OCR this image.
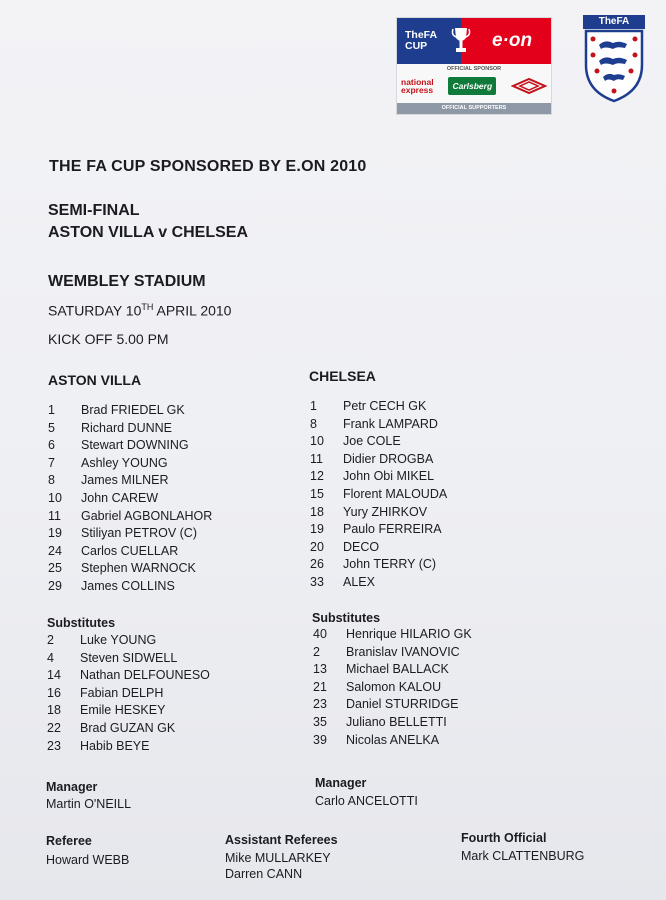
TheFA
CUP	e·on
OFFICIAL SPONSOR
national
express	Carlsberg
OFFICIAL SUPPORTERS
TheFA
THE FA CUP SPONSORED BY E.ON 2010
SEMI-FINAL
ASTON VILLA v CHELSEA
WEMBLEY STADIUM
SATURDAY 10TH APRIL 2010
KICK OFF 5.00 PM
ASTON VILLA
1 Brad FRIEDEL GK
5 Richard DUNNE
6 Stewart DOWNING
7 Ashley YOUNG
8 James MILNER
10 John CAREW
11 Gabriel AGBONLAHOR
19 Stiliyan PETROV (C)
24 Carlos CUELLAR
25 Stephen WARNOCK
29 James COLLINS
Substitutes
2 Luke YOUNG
4 Steven SIDWELL
14 Nathan DELFOUNESO
16 Fabian DELPH
18 Emile HESKEY
22 Brad GUZAN GK
23 Habib BEYE
Manager
Martin O'NEILL
CHELSEA
1 Petr CECH GK
8 Frank LAMPARD
10 Joe COLE
11 Didier DROGBA
12 John Obi MIKEL
15 Florent MALOUDA
18 Yury ZHIRKOV
19 Paulo FERREIRA
20 DECO
26 John TERRY (C)
33 ALEX
Substitutes
40 Henrique HILARIO GK
2 Branislav IVANOVIC
13 Michael BALLACK
21 Salomon KALOU
23 Daniel STURRIDGE
35 Juliano BELLETTI
39 Nicolas ANELKA
Manager
Carlo ANCELOTTI
Referee
Howard WEBB
Assistant Referees
Mike MULLARKEY
Darren CANN
Fourth Official
Mark CLATTENBURG
